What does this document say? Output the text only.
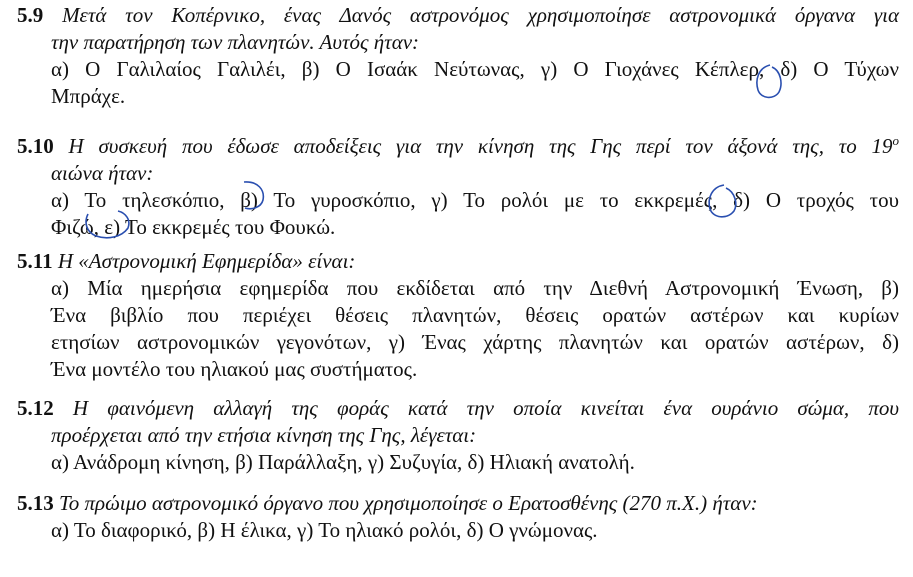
5.9 Μετά τον Κοπέρνικο, ένας Δανός αστρονόμος χρησιμοποίησε αστρονομικά όργανα για
την παρατήρηση των πλανητών. Αυτός ήταν:
α) Ο Γαλιλαίος Γαλιλέι, β) Ο Ισαάκ Νεύτωνας, γ) Ο Γιοχάνες Κέπλερ, δ) Ο Τύχων
Μπράχε.
5.10 Η συσκευή που έδωσε αποδείξεις για την κίνηση της Γης περί τον άξονά της, το $19^o$
αιώνα ήταν:
α) Το τηλεσκόπιο, β) Το γυροσκόπιο, γ) Το ρολόι με το εκκρεμές, δ) Ο τροχός του
Φιζώ, ε) Το εκκρεμές του Φουκώ.
5.11 Η «Αστρονομική Εφημερίδα» είναι:
α) Μία ημερήσια εφημερίδα που εκδίδεται από την Διεθνή Αστρονομική Ένωση, β)
Ένα βιβλίο που περιέχει θέσεις πλανητών, θέσεις ορατών αστέρων και κυρίων
ετησίων αστρονομικών γεγονότων, γ) Ένας χάρτης πλανητών και ορατών αστέρων, δ)
Ένα μοντέλο του ηλιακού μας συστήματος.
5.12 Η φαινόμενη αλλαγή της φοράς κατά την οποία κινείται ένα ουράνιο σώμα, που
προέρχεται από την ετήσια κίνηση της Γης, λέγεται:
α) Ανάδρομη κίνηση, β) Παράλλαξη, γ) Συζυγία, δ) Ηλιακή ανατολή.
5.13 Το πρώιμο αστρονομικό όργανο που χρησιμοποίησε ο Ερατοσθένης (270 π.Χ.) ήταν:
α) Το διαφορικό, β) Η έλικα, γ) Το ηλιακό ρολόι, δ) Ο γνώμονας.
